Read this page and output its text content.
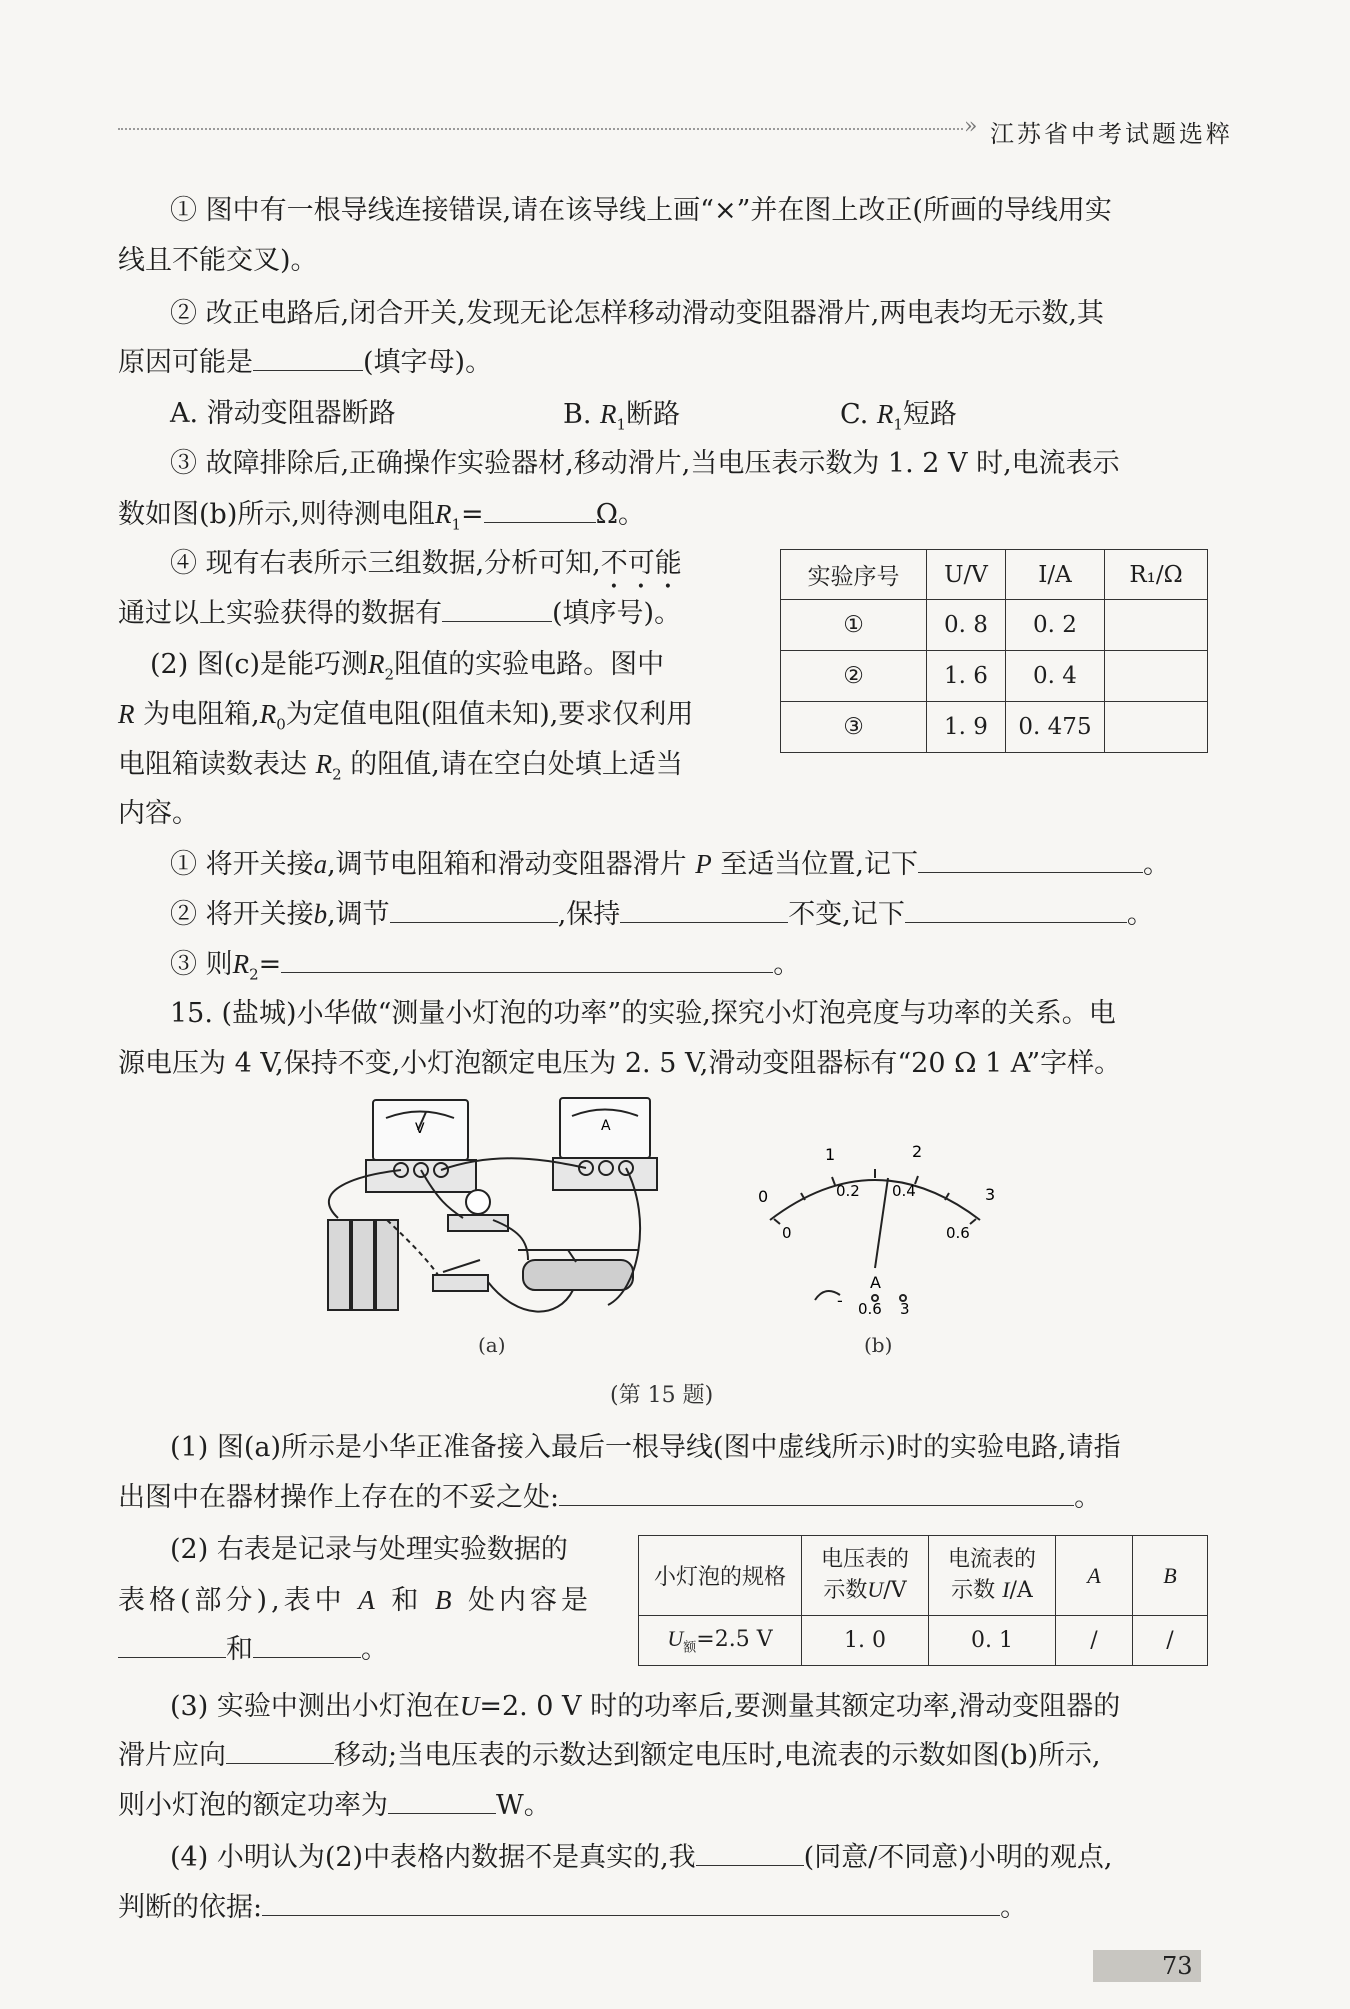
» 江苏省中考试题选粹
① 图中有一根导线连接错误,请在该导线上画“×”并在图上改正(所画的导线用实
线且不能交叉)。
② 改正电路后,闭合开关,发现无论怎样移动滑动变阻器滑片,两电表均无示数,其
原因可能是	(填字母)。
A. 滑动变阻器断路	B. $R_1$断路	C. $R_1$短路
③ 故障排除后,正确操作实验器材,移动滑片,当电压表示数为 1. 2 V 时,电流表示
数如图(b)所示,则待测电阻$R_1=$	Ω。
④ 现有右表所示三组数据,分析可知,不可能
通过以上实验获得的数据有	(填序号)。
(2) 图(c)是能巧测$R_2$阻值的实验电路。图中
R 为电阻箱$,R_0$为定值电阻(阻值未知),要求仅利用
电阻箱读数表达 $R_2$ 的阻值,请在空白处填上适当
内容。
实验序号	U/V	I/A	R₁/Ω
①	0. 8	0. 2	
②	1. 6	0. 4	
③	1. 9	0. 475	
① 将开关接a,调节电阻箱和滑动变阻器滑片 P 至适当位置,记下	。
② 将开关接b,调节	,保持	不变,记下	。
③ 则$R_2=$	。
15. (盐城)小华做“测量小灯泡的功率”的实验,探究小灯泡亮度与功率的关系。电
源电压为 4 V,保持不变,小灯泡额定电压为 2. 5 V,滑动变阻器标有“20 Ω 1 A”字样。
V	A
0
1	2
3
0
0.2 0.4
0.6
A
- 0.6 3
(a)	(b)
(第 15 题)
(1) 图(a)所示是小华正准备接入最后一根导线(图中虚线所示)时的实验电路,请指
出图中在器材操作上存在的不妥之处:	。
(2) 右表是记录与处理实验数据的
表格(部分),表中 A 和 B 处内容是
和	。
小灯泡的规格	电压表的
示数U/V	电流表的
示数 I/A	A	B
$U_额=2.5$ V	1. 0	0. 1	/	/
(3) 实验中测出小灯泡在U=2. 0 V 时的功率后,要测量其额定功率,滑动变阻器的
滑片应向	移动;当电压表的示数达到额定电压时,电流表的示数如图(b)所示,
则小灯泡的额定功率为	W。
(4) 小明认为(2)中表格内数据不是真实的,我	(同意/不同意)小明的观点,
判断的依据:	。
73
